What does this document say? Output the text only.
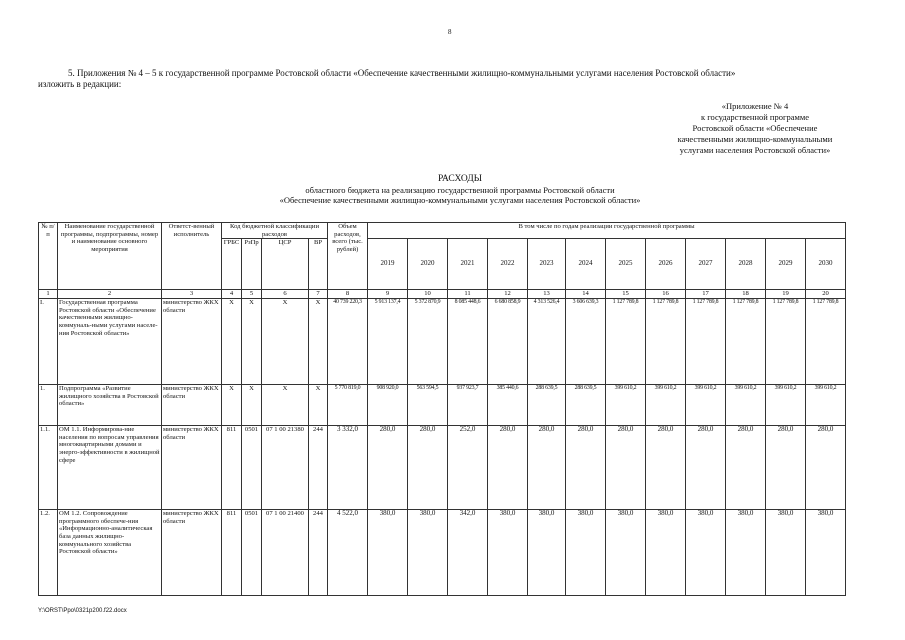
8
5. Приложения № 4 – 5 к государственной программе Ростовской области «Обеспечение качественными жилищно-коммунальными услугами населения Ростовской области»
изложить в редакции:
«Приложение № 4
к государственной программе
Ростовской области «Обеспечение
качественными жилищно-коммунальными
услугами населения Ростовской области»
РАСХОДЫ
областного бюджета на реализацию государственной программы Ростовской области
«Обеспечение качественными жилищно-коммунальными услугами населения Ростовской области»
№ п/п	Наименование государственной программы, подпрограммы, номер и наименование основного мероприятия	Ответст-венный исполнитель	Код бюджетной классификации расходов				Объем расходов, всего (тыс. рублей)	В том числе по годам реализации государственной программы											
			ГРБС	РзПр	ЦСР	ВР		2019	2020	2021	2022	2023	2024	2025	2026	2027	2028	2029	2030
1	2	3	4	5	6	7	8	9	10	11	12	13	14	15	16	17	18	19	20
I.	Государственная программа Ростовской области «Обеспечение качественными жилищно-коммуналь-ными услугами населе-ния Ростовской области»	министерство ЖКХ области	X	X	X	X	40 739 220,3	5 913 137,4	5 372 870,9	8 085 448,6	6 680 858,9	4 313 526,4	3 606 639,3	1 127 789,8	1 127 789,8	1 127 789,8	1 127 789,8	1 127 789,8	1 127 789,8
1.	Подпрограмма «Развитие жилищного хозяйства в Ростовской области»	министерство ЖКХ области	X	X	X	X	5 770 819,0	908 920,0	563 594,5	937 923,7	385 440,6	288 639,5	288 639,5	399 610,2	399 610,2	399 610,2	399 610,2	399 610,2	399 610,2
1.1.	ОМ 1.1. Информирова-ние населения по вопросам управления многоквартирными домами и энерго-эффективности в жилищной сфере	министерство ЖКХ области	811	0501	07 1 00 21380	244	3 332,0	280,0	280,0	252,0	280,0	280,0	280,0	280,0	280,0	280,0	280,0	280,0	280,0
1.2.	ОМ 1.2. Сопровождение программного обеспече-ния «Информационно-аналитическая база данных жилищно-коммунального хозяйства Ростовской области»	министерство ЖКХ области	811	0501	07 1 00 21400	244	4 522,0	380,0	380,0	342,0	380,0	380,0	380,0	380,0	380,0	380,0	380,0	380,0	380,0
Y:\ORST\Ppo\0321p200.f22.docx
